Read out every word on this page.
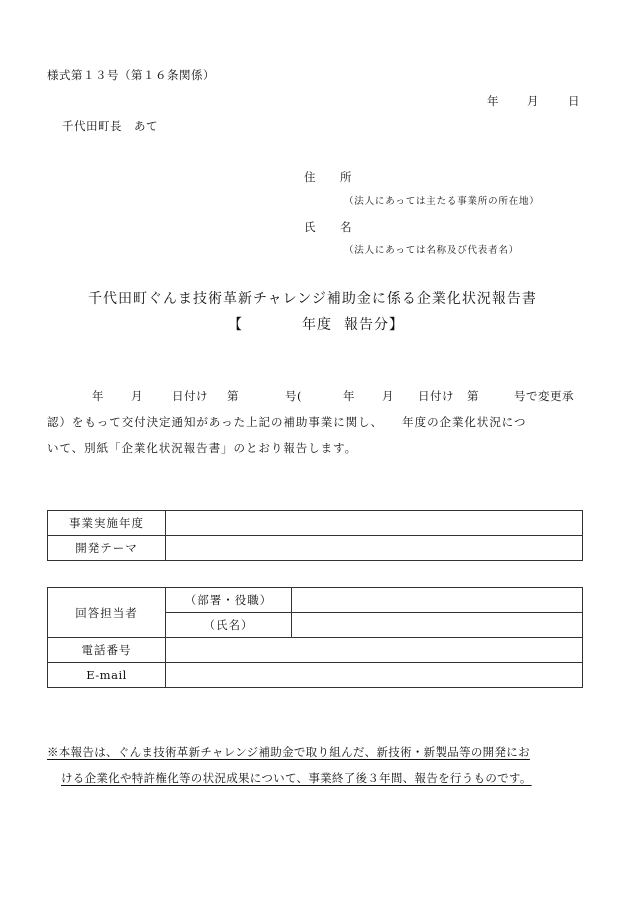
様式第１３号（第１６条関係）
年 月	日
千代田町長　あて
住　　所
（法人にあっては主たる事業所の所在地）
氏　　名
（法人にあっては名称及び代表者名）
千代田町ぐんま技術革新チャレンジ補助金に係る企業化状況報告書
【	年度 報告分】
年 月	日付け 第	号(	年 月 日付け 第	号で変更承
認）をもって交付決定通知があった上記の補助事業に関し、　　年度の企業化状況につ
いて、別紙「企業化状況報告書」のとおり報告します。
事業実施年度	
開発テーマ	
回答担当者	（部署・役職）	
	（氏名）	
電話番号		
E-mail		
※本報告は、ぐんま技術革新チャレンジ補助金で取り組んだ、新技術・新製品等の開発にお
ける企業化や特許権化等の状況成果について、事業終了後３年間、報告を行うものです。
